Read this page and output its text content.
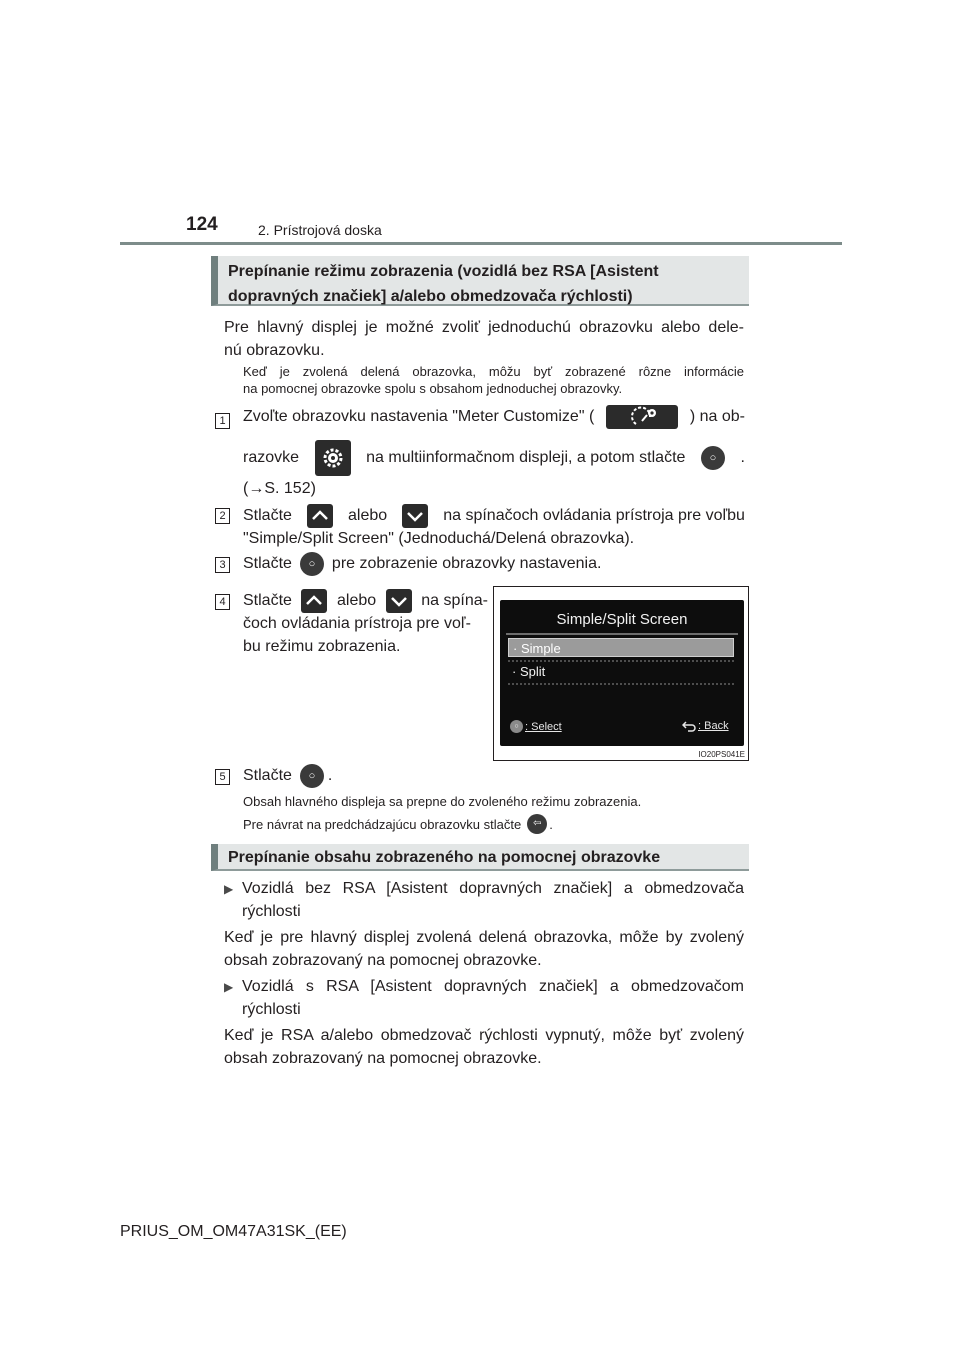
124	2. Prístrojová doska
Prepínanie režimu zobrazenia (vozidlá bez RSA [Asistent
dopravných značiek] a/alebo obmedzovača rýchlosti)
Pre hlavný displej je možné zvoliť jednoduchú obrazovku alebo dele-
nú obrazovku.
Keď je zvolená delená obrazovka, môžu byť zobrazené rôzne informácie
na pomocnej obrazovke spolu s obsahom jednoduchej obrazovky.
1 Zvoľte obrazovku nastavenia "Meter Customize" (	) na ob-
razovke	na multiinformačnom displeji, a potom stlačte	○	.
(→S. 152)
2 Stlačte	alebo	na spínačoch ovládania prístroja pre voľbu
"Simple/Split Screen" (Jednoduchá/Delená obrazovka).
3 Stlačte	○	pre zobrazenie obrazovky nastavenia.
4 Stlačte	alebo	na spína-
čoch ovládania prístroja pre voľ-
bu režimu zobrazenia.
Simple/Split Screen
· Simple
· Split
○ : Select	: Back
IO20PS041E
5 Stlačte	○ .
Obsah hlavného displeja sa prepne do zvoleného režimu zobrazenia.
Pre návrat na predchádzajúcu obrazovku stlačte	⇦ .
Prepínanie obsahu zobrazeného na pomocnej obrazovke
▶ Vozidlá bez RSA [Asistent dopravných značiek] a obmedzovača
rýchlosti
Keď je pre hlavný displej zvolená delená obrazovka, môže by zvolený
obsah zobrazovaný na pomocnej obrazovke.
▶ Vozidlá s RSA [Asistent dopravných značiek] a obmedzovačom
rýchlosti
Keď je RSA a/alebo obmedzovač rýchlosti vypnutý, môže byť zvolený
obsah zobrazovaný na pomocnej obrazovke.
PRIUS_OM_OM47A31SK_(EE)
